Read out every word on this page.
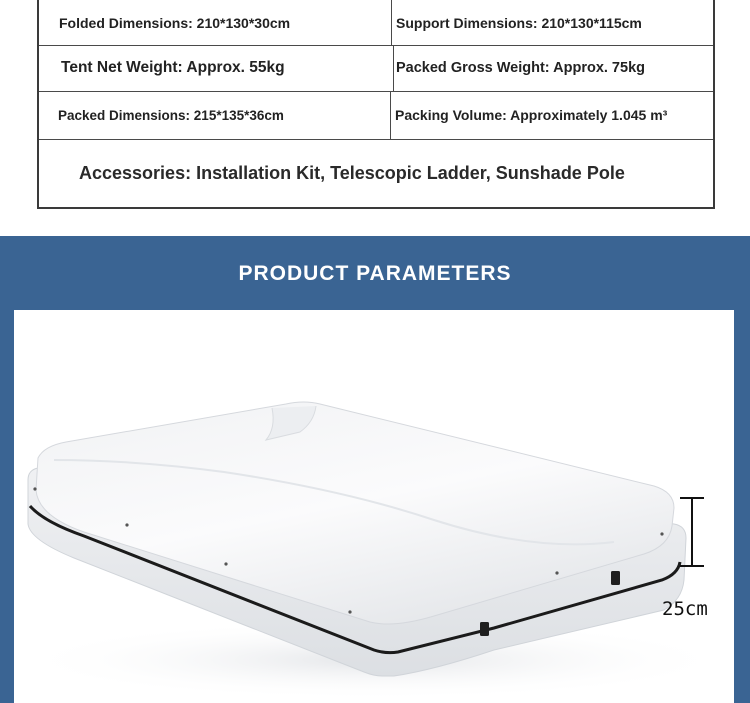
Folded Dimensions: 210*130*30cm	Support Dimensions: 210*130*115cm
Tent Net Weight: Approx. 55kg	Packed Gross Weight: Approx. 75kg
Packed Dimensions: 215*135*36cm	Packing Volume: Approximately 1.045 m³
Accessories: Installation Kit, Telescopic Ladder, Sunshade Pole
PRODUCT PARAMETERS
25cm
